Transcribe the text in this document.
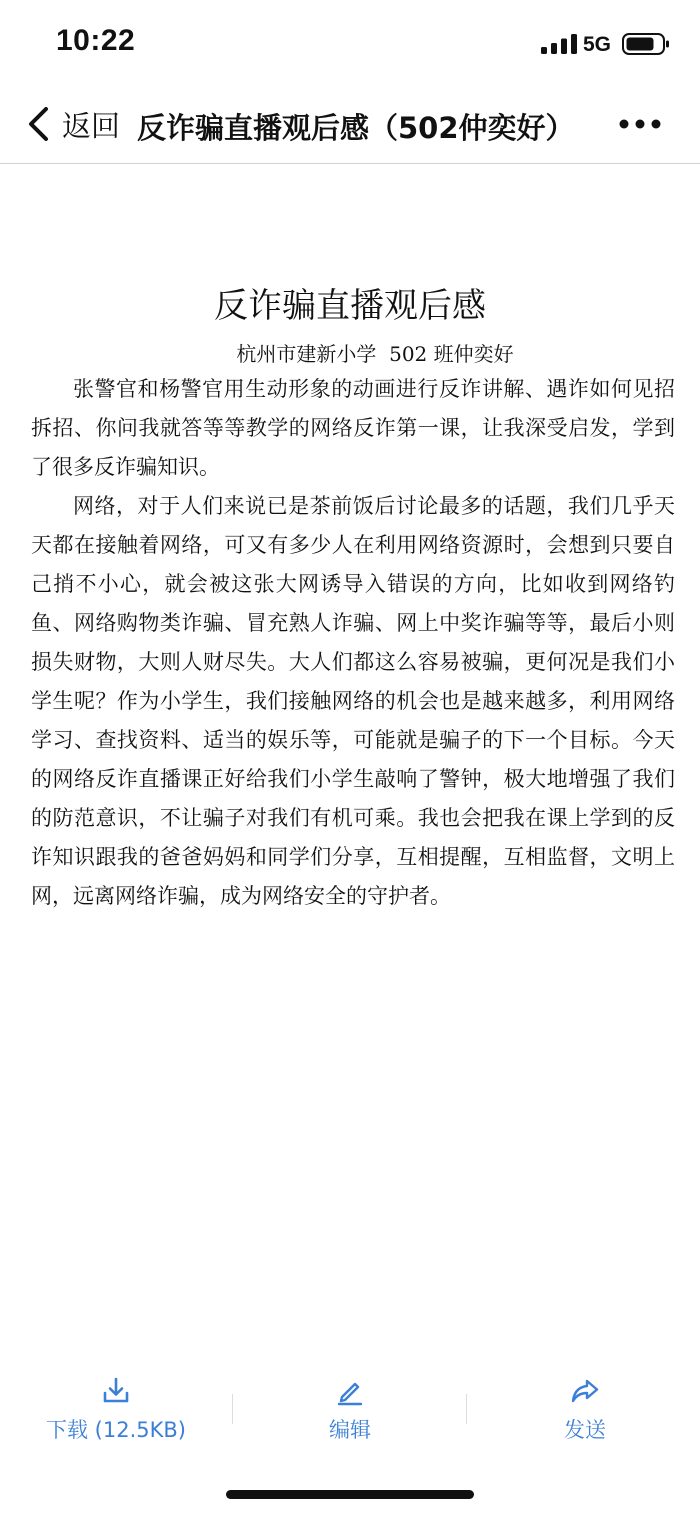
10:22	5G
返回 反诈骗直播观后感（502仲奕好）
反诈骗直播观后感
杭州市建新小学  502 班仲奕好

张警官和杨警官用生动形象的动画进行反诈讲解、遇诈如何见招拆招、你问我就答等等教学的网络反诈第一课，让我深受启发，学到了很多反诈骗知识。

网络，对于人们来说已是茶前饭后讨论最多的话题，我们几乎天天都在接触着网络，可又有多少人在利用网络资源时，会想到只要自己捎不小心，就会被这张大网诱导入错误的方向，比如收到网络钓鱼、网络购物类诈骗、冒充熟人诈骗、网上中奖诈骗等等，最后小则损失财物，大则人财尽失。大人们都这么容易被骗，更何况是我们小学生呢？作为小学生，我们接触网络的机会也是越来越多，利用网络学习、查找资料、适当的娱乐等，可能就是骗子的下一个目标。今天的网络反诈直播课正好给我们小学生敲响了警钟，极大地增强了我们的防范意识，不让骗子对我们有机可乘。我也会把我在课上学到的反诈知识跟我的爸爸妈妈和同学们分享，互相提醒，互相监督，文明上网，远离网络诈骗，成为网络安全的守护者。

下载 (12.5KB)	编辑	发送
